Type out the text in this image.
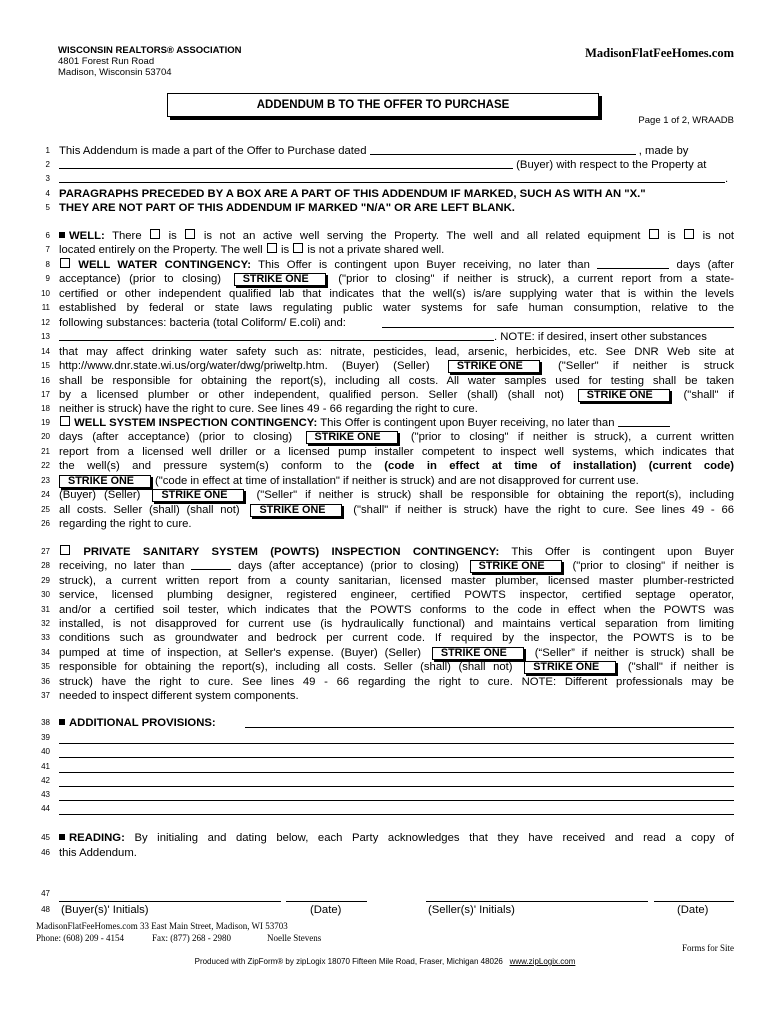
WISCONSIN REALTORS® ASSOCIATION
4801 Forest Run Road
Madison, Wisconsin 53704
MadisonFlatFeeHomes.com
ADDENDUM B TO THE OFFER TO PURCHASE
Page 1 of 2, WRAADB
1 This Addendum is made a part of the Offer to Purchase dated	, made by
2	(Buyer) with respect to the Property at
3	.
4 PARAGRAPHS PRECEDED BY A BOX ARE A PART OF THIS ADDENDUM IF MARKED, SUCH AS WITH AN "X."
5 THEY ARE NOT PART OF THIS ADDENDUM IF MARKED "N/A" OR ARE LEFT BLANK.
6	WELL: There is is not an active well serving the Property. The well and all related equipment is is not
7 located entirely on the Property. The well is is not a private shared well.
8	WELL WATER CONTINGENCY: This Offer is contingent upon Buyer receiving, no later than	days (after
9 acceptance) (prior to closing) STRIKE ONE	("prior to closing" if neither is struck), a current report from a state-
10 certified or other independent qualified lab that indicates that the well(s) is/are supplying water that is within the levels
11 established by federal or state laws regulating public water systems for safe human consumption, relative to the
12 following substances: bacteria (total Coliform/ E.coli) and:
13	. NOTE: if desired, insert other substances
14 that may affect drinking water safety such as: nitrate, pesticides, lead, arsenic, herbicides, etc. See DNR Web site at
15 http://www.dnr.state.wi.us/org/water/dwg/priweltp.htm. (Buyer) (Seller)	STRIKE ONE	("Seller" if neither is struck
16 shall be responsible for obtaining the report(s), including all costs. All water samples used for testing shall be taken
17 by a licensed plumber or other independent, qualified person. Seller (shall) (shall not) STRIKE ONE	("shall" if
18 neither is struck) have the right to cure. See lines 49 - 66 regarding the right to cure.
19	WELL SYSTEM INSPECTION CONTINGENCY: This Offer is contingent upon Buyer receiving, no later than
20 days (after acceptance) (prior to closing) STRIKE ONE	("prior to closing" if neither is struck), a current written
21 report from a licensed well driller or a licensed pump installer competent to inspect well systems, which indicates that
22 the well(s) and pressure system(s) conform to the (code in effect at time of installation) (current code)
23	STRIKE ONE ("code in effect at time of installation" if neither is struck) and are not disapproved for current use.
24 (Buyer) (Seller) STRIKE ONE	("Seller" if neither is struck) shall be responsible for obtaining the report(s), including
25 all costs. Seller (shall) (shall not) STRIKE ONE ("shall" if neither is struck) have the right to cure. See lines 49 - 66
26 regarding the right to cure.
27	PRIVATE SANITARY SYSTEM (POWTS) INSPECTION CONTINGENCY: This Offer is contingent upon Buyer
28 receiving, no later than	days (after acceptance) (prior to closing) STRIKE ONE ("prior to closing" if neither is
29 struck), a current written report from a county sanitarian, licensed master plumber, licensed master plumber-restricted
30 service, licensed plumbing designer, registered engineer, certified POWTS inspector, certified septage operator,
31 and/or a certified soil tester, which indicates that the POWTS conforms to the code in effect when the POWTS was
32 installed, is not disapproved for current use (is hydraulically functional) and maintains vertical separation from limiting
33 conditions such as groundwater and bedrock per current code. If required by the inspector, the POWTS is to be
34 pumped at time of inspection, at Seller's expense. (Buyer) (Seller) STRIKE ONE (“Seller” if neither is struck) shall be
35 responsible for obtaining the report(s), including all costs. Seller (shall) (shall not) STRIKE ONE	("shall" if neither is
36 struck) have the right to cure. See lines 49 - 66 regarding the right to cure. NOTE: Different professionals may be
37 needed to inspect different system components.
38	ADDITIONAL PROVISIONS:
39
40
41
42
43
44
45	READING: By initialing and dating below, each Party acknowledges that they have received and read a copy of
46 this Addendum.
47
48 (Buyer(s)' Initials)	(Date)	(Seller(s)' Initials)	(Date)
MadisonFlatFeeHomes.com 33 East Main Street, Madison, WI 53703
Phone: (608) 209 - 4154	Fax: (877) 268 - 2980	Noelle Stevens
Forms for Site
Produced with ZipForm® by zipLogix 18070 Fifteen Mile Road, Fraser, Michigan 48026 www.zipLogix.com
